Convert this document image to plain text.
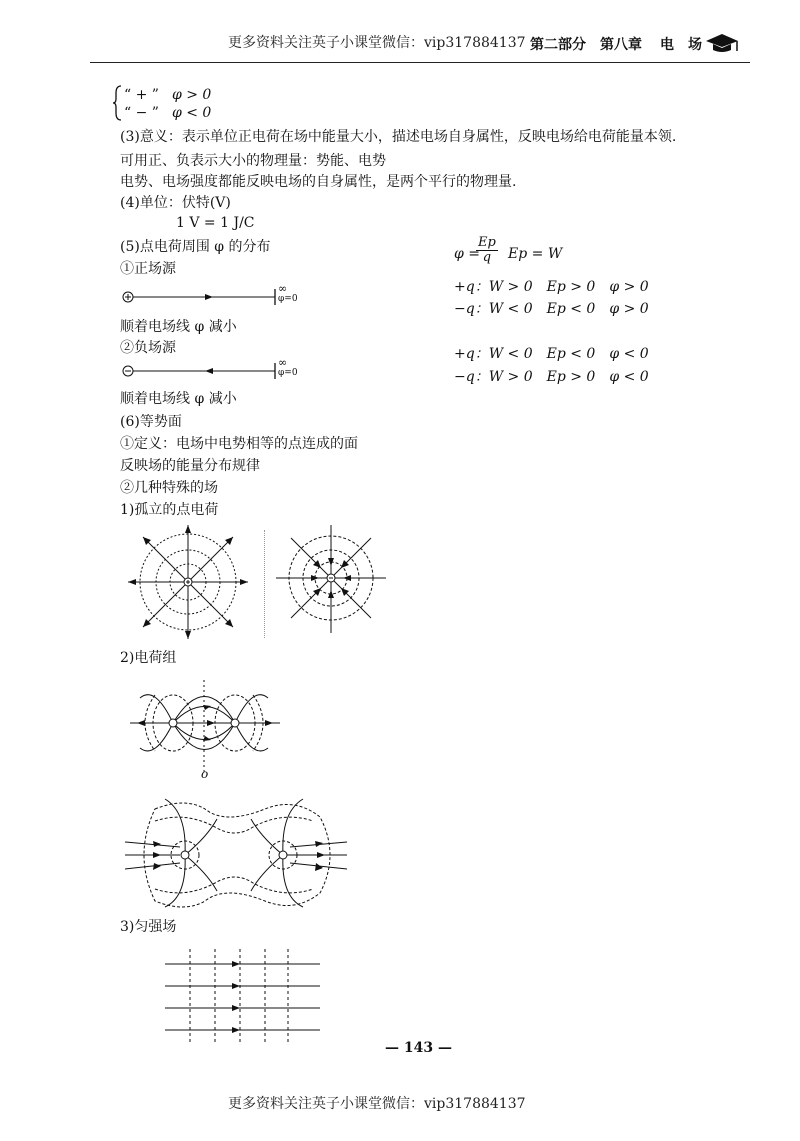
更多资料关注英子小课堂微信：vip317884137 第二部分 第八章 电　场
“ + ” φ > 0
“ − ” φ < 0
(3)意义：表示单位正电荷在场中能量大小，描述电场自身属性，反映电场给电荷能量本领.
可用正、负表示大小的物理量：势能、电势
电势、电场强度都能反映电场的自身属性，是两个平行的物理量.
(4)单位：伏特(V)
1 V = 1 J/C
(5)点电荷周围 φ 的分布
①正场源
∞
φ=0
顺着电场线 φ 减小
②负场源
∞
φ=0
顺着电场线 φ 减小
(6)等势面
①定义：电场中电势相等的点连成的面
反映场的能量分布规律
②几种特殊的场
1)孤立的点电荷
φ =
$\frac{Ep}{q}$ Ep = W
+q：W > 0　Ep > 0　φ > 0
−q：W < 0　Ep < 0　φ > 0
+q：W < 0　Ep < 0　φ < 0
−q：W > 0　Ep > 0　φ < 0
2)电荷组
o
3)匀强场
— 143 —
更多资料关注英子小课堂微信：vip317884137
